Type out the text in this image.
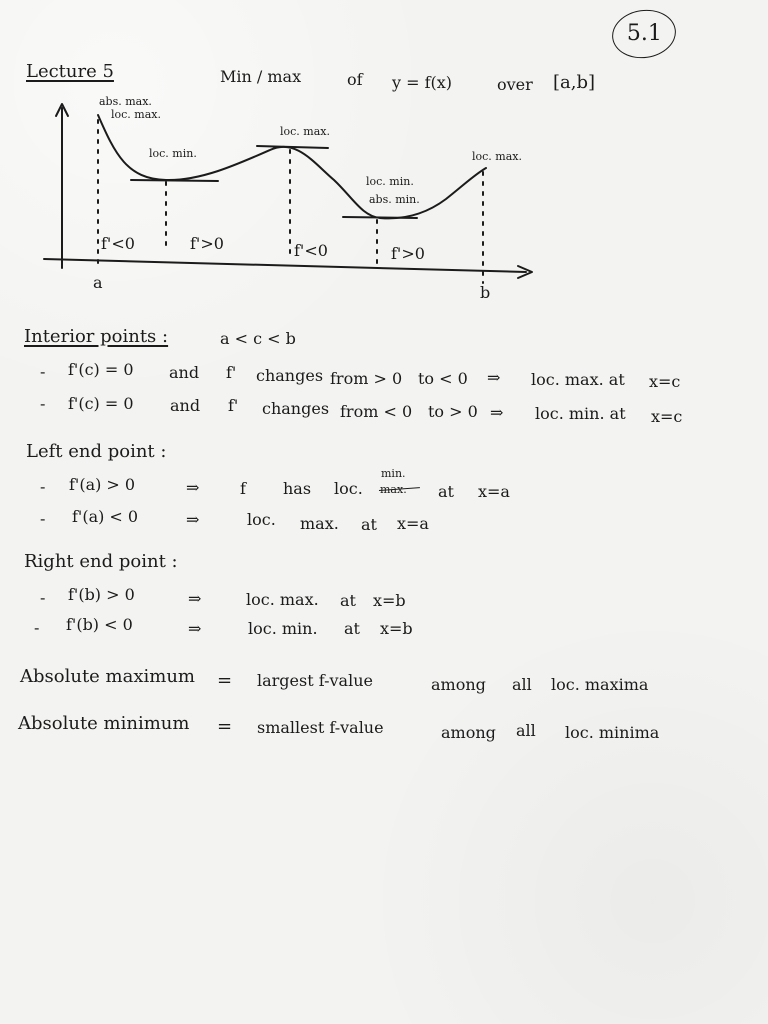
5.1
Lecture 5	Min / max	of y = f(x)	over [a,b]
abs. max.
loc. max.
loc. min.
loc. max.
loc. min.
abs. min.
loc. max.
f'<0	f'>0	f'<0	f'>0
a
b
Interior points :	a < c < b
- f'(c) = 0 and f' changes from > 0 to < 0 ⇒ loc. max. at x=c
- f'(c) = 0 and f' changes from < 0 to > 0 ⇒ loc. min. at x=c
Left end point :
- f'(a) > 0	⇒	f has loc.
min.
at x=a
- f'(a) < 0	⇒	loc. max. at x=a
Right end point :
- f'(b) > 0	⇒	loc. max. at x=b
- f'(b) < 0	⇒	loc. min. at x=b
Absolute maximum = largest f-value	among all loc. maxima
Absolute minimum = smallest f-value	among all loc. minima
